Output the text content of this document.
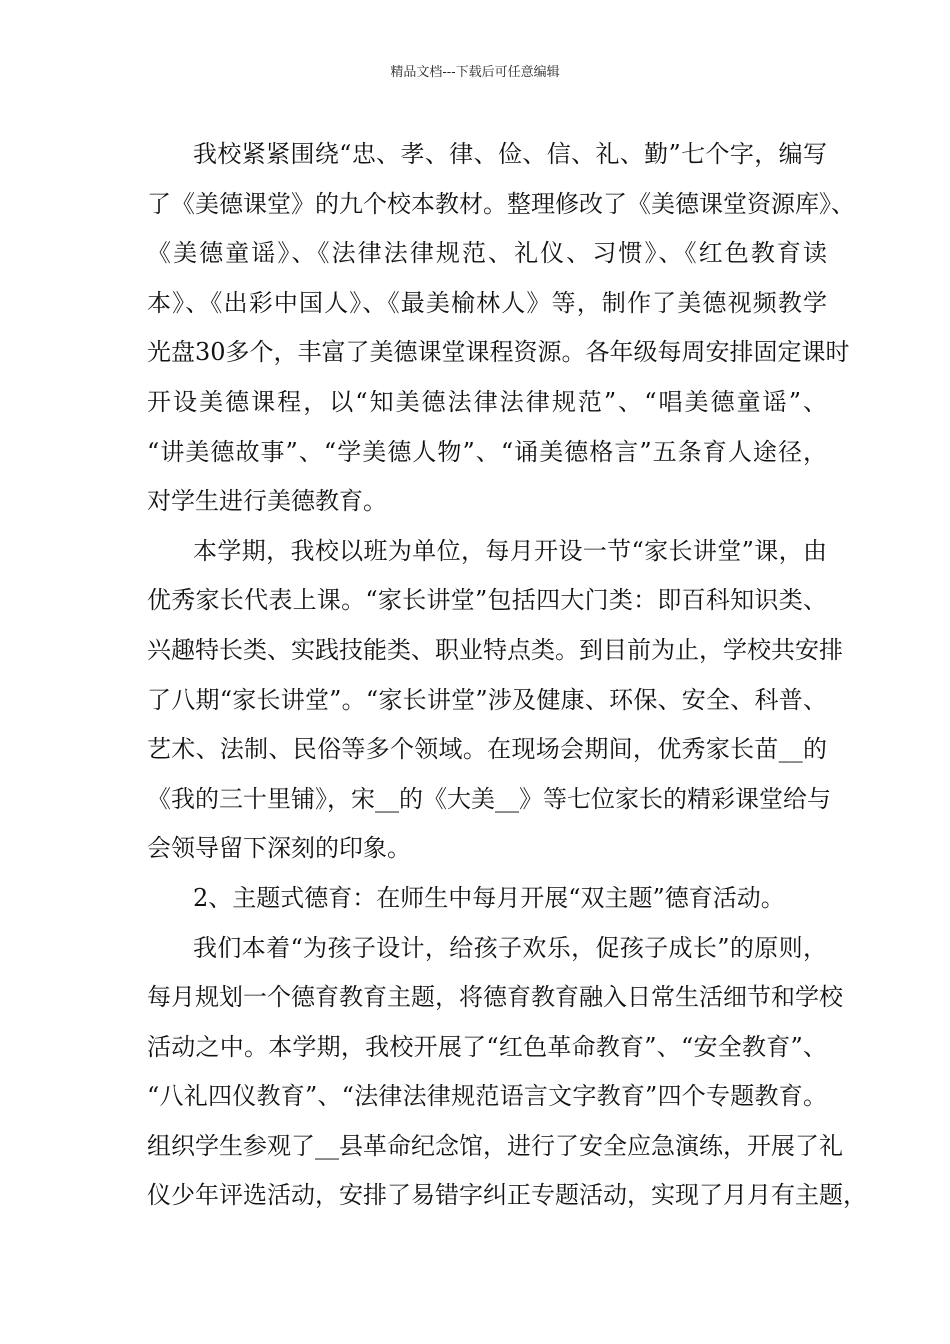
精品文档---下载后可任意编辑
我校紧紧围绕“忠、孝、律、俭、信、礼、勤”七个字，编写
了《美德课堂》的九个校本教材。整理修改了《美德课堂资源库》、
《美德童谣》、《法律法律规范、礼仪、习惯》、《红色教育读
本》、《出彩中国人》、《最美榆林人》等，制作了美德视频教学
光盘30多个，丰富了美德课堂课程资源。各年级每周安排固定课时
开设美德课程，以“知美德法律法律规范”、“唱美德童谣”、
“讲美德故事”、“学美德人物”、“诵美德格言”五条育人途径，
对学生进行美德教育。
本学期，我校以班为单位，每月开设一节“家长讲堂”课，由
优秀家长代表上课。“家长讲堂”包括四大门类：即百科知识类、
兴趣特长类、实践技能类、职业特点类。到目前为止，学校共安排
了八期“家长讲堂”。“家长讲堂”涉及健康、环保、安全、科普、
艺术、法制、民俗等多个领域。在现场会期间，优秀家长苗__的
《我的三十里铺》，宋__的《大美__》等七位家长的精彩课堂给与
会领导留下深刻的印象。
2、主题式德育：在师生中每月开展“双主题”德育活动。
我们本着“为孩子设计，给孩子欢乐，促孩子成长”的原则，
每月规划一个德育教育主题，将德育教育融入日常生活细节和学校
活动之中。本学期，我校开展了“红色革命教育”、“安全教育”、
“八礼四仪教育”、“法律法律规范语言文字教育”四个专题教育。
组织学生参观了__县革命纪念馆，进行了安全应急演练，开展了礼
仪少年评选活动，安排了易错字纠正专题活动，实现了月月有主题，
